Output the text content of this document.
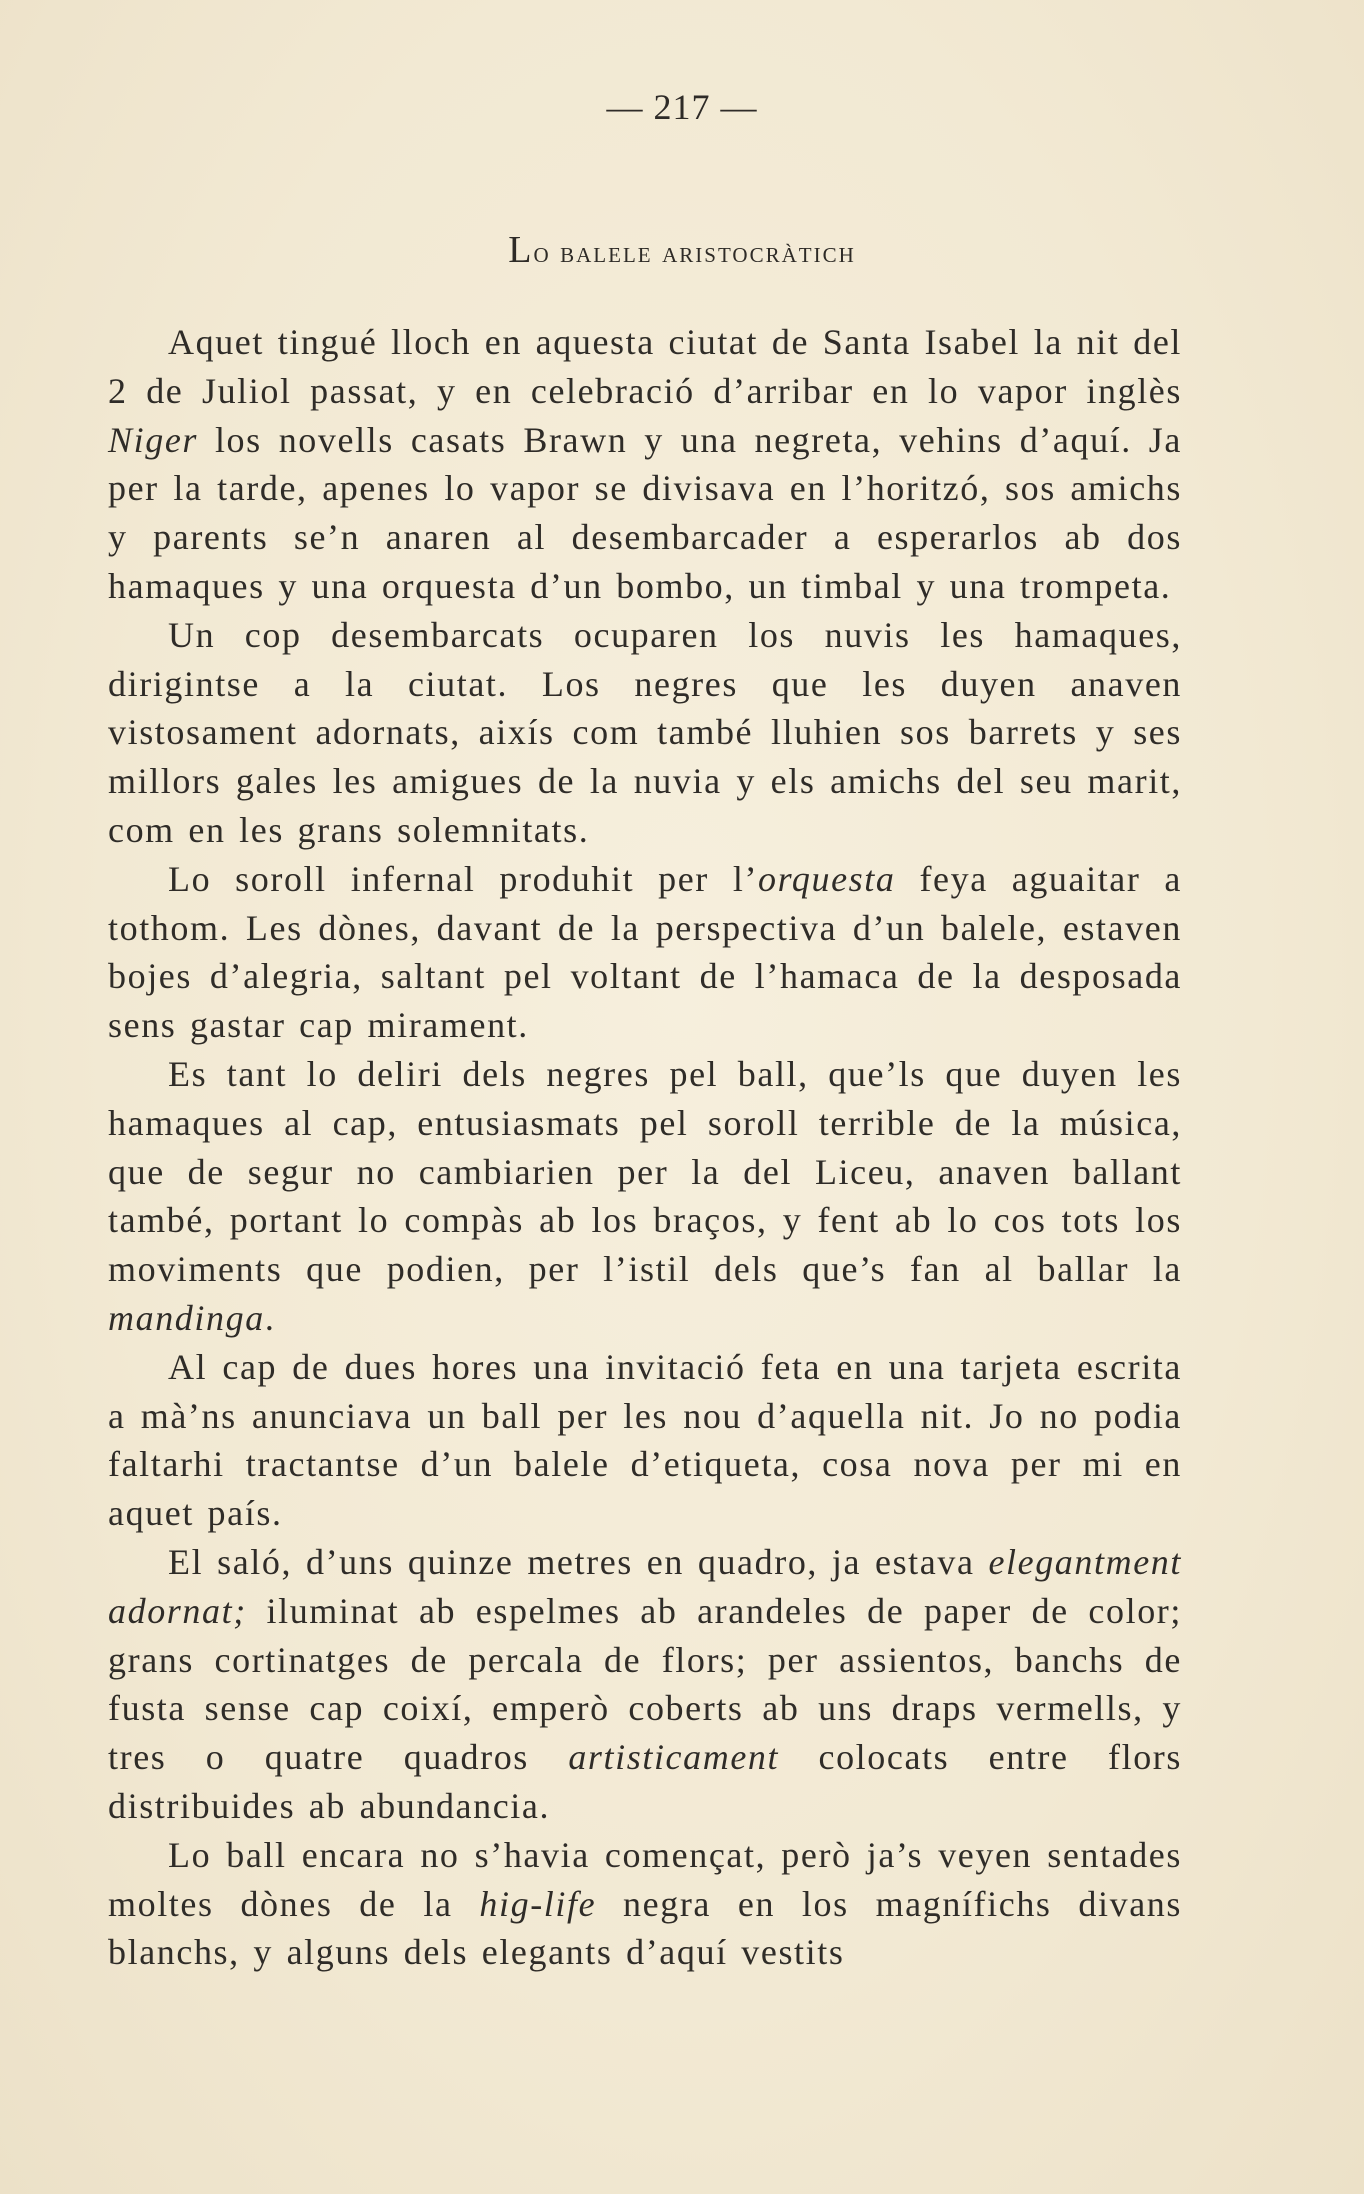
— 217 —
Lo balele aristocràtich

Aquet tingué lloch en aquesta ciutat de Santa Isabel la nit del 2 de Juliol passat, y en celebració d’arribar en lo vapor inglès Niger los novells casats Brawn y una negreta, vehins d’aquí. Ja per la tarde, apenes lo vapor se divisava en l’horitzó, sos amichs y parents se’n anaren al desembarcader a esperarlos ab dos hamaques y una orquesta d’un bombo, un timbal y una trompeta.

Un cop desembarcats ocuparen los nuvis les hamaques, dirigintse a la ciutat. Los negres que les duyen anaven vistosament adornats, aixís com també lluhien sos barrets y ses millors gales les amigues de la nuvia y els amichs del seu marit, com en les grans solemnitats.

Lo soroll infernal produhit per l’orquesta feya aguaitar a tothom. Les dònes, davant de la perspectiva d’un balele, estaven bojes d’alegria, saltant pel voltant de l’hamaca de la desposada sens gastar cap mirament.

Es tant lo deliri dels negres pel ball, que’ls que duyen les hamaques al cap, entusiasmats pel soroll terrible de la música, que de segur no cambiarien per la del Liceu, anaven ballant també, portant lo compàs ab los braços, y fent ab lo cos tots los moviments que podien, per l’istil dels que’s fan al ballar la mandinga.

Al cap de dues hores una invitació feta en una tarjeta escrita a mà’ns anunciava un ball per les nou d’aquella nit. Jo no podia faltarhi tractantse d’un balele d’etiqueta, cosa nova per mi en aquet país.

El saló, d’uns quinze metres en quadro, ja estava elegantment adornat; iluminat ab espelmes ab arandeles de paper de color; grans cortinatges de percala de flors; per assientos, banchs de fusta sense cap coixí, emperò coberts ab uns draps vermells, y tres o quatre quadros artisticament colocats entre flors distribuides ab abundancia.

Lo ball encara no s’havia començat, però ja’s veyen sentades moltes dònes de la hig-life negra en los magnífichs divans blanchs, y alguns dels elegants d’aquí vestits
